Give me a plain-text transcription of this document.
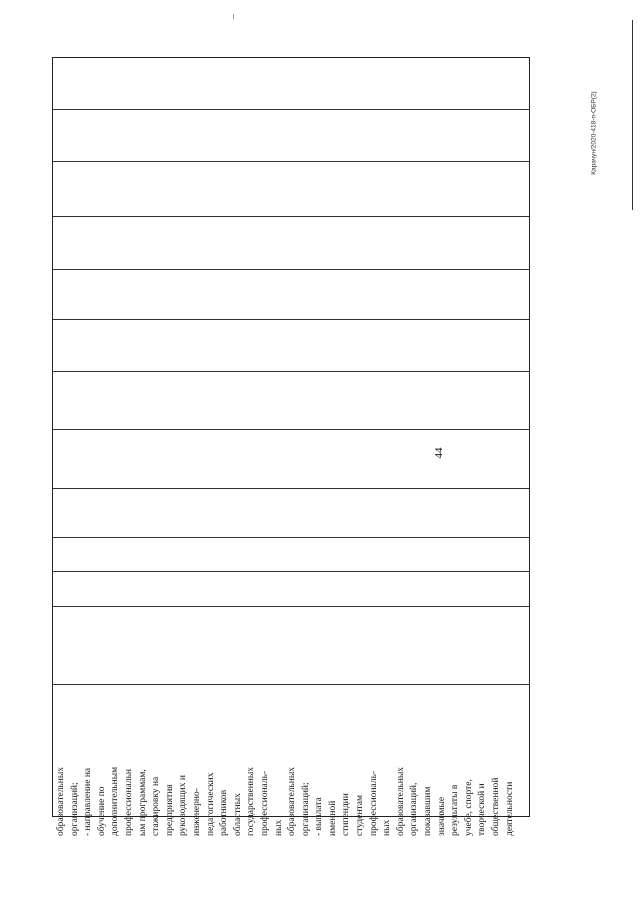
Карачун/2020-418-п-ОБР(2)
44
образовательных
организаций;
- направление на
обучение по
дополнительным
профессиональн
ым программам,
стажировку на
предприятия
руководящих и
инженерно-
педагогических
работников
областных
государственных
профессиональ-
ных
образовательных
организаций;
- выплата
именной
стипендии
студентам
профессиональ-
ных
образовательных
организаций,
показавшим
значимые
результаты в
учебе, спорте,
творческой и
общественной
деятельности
